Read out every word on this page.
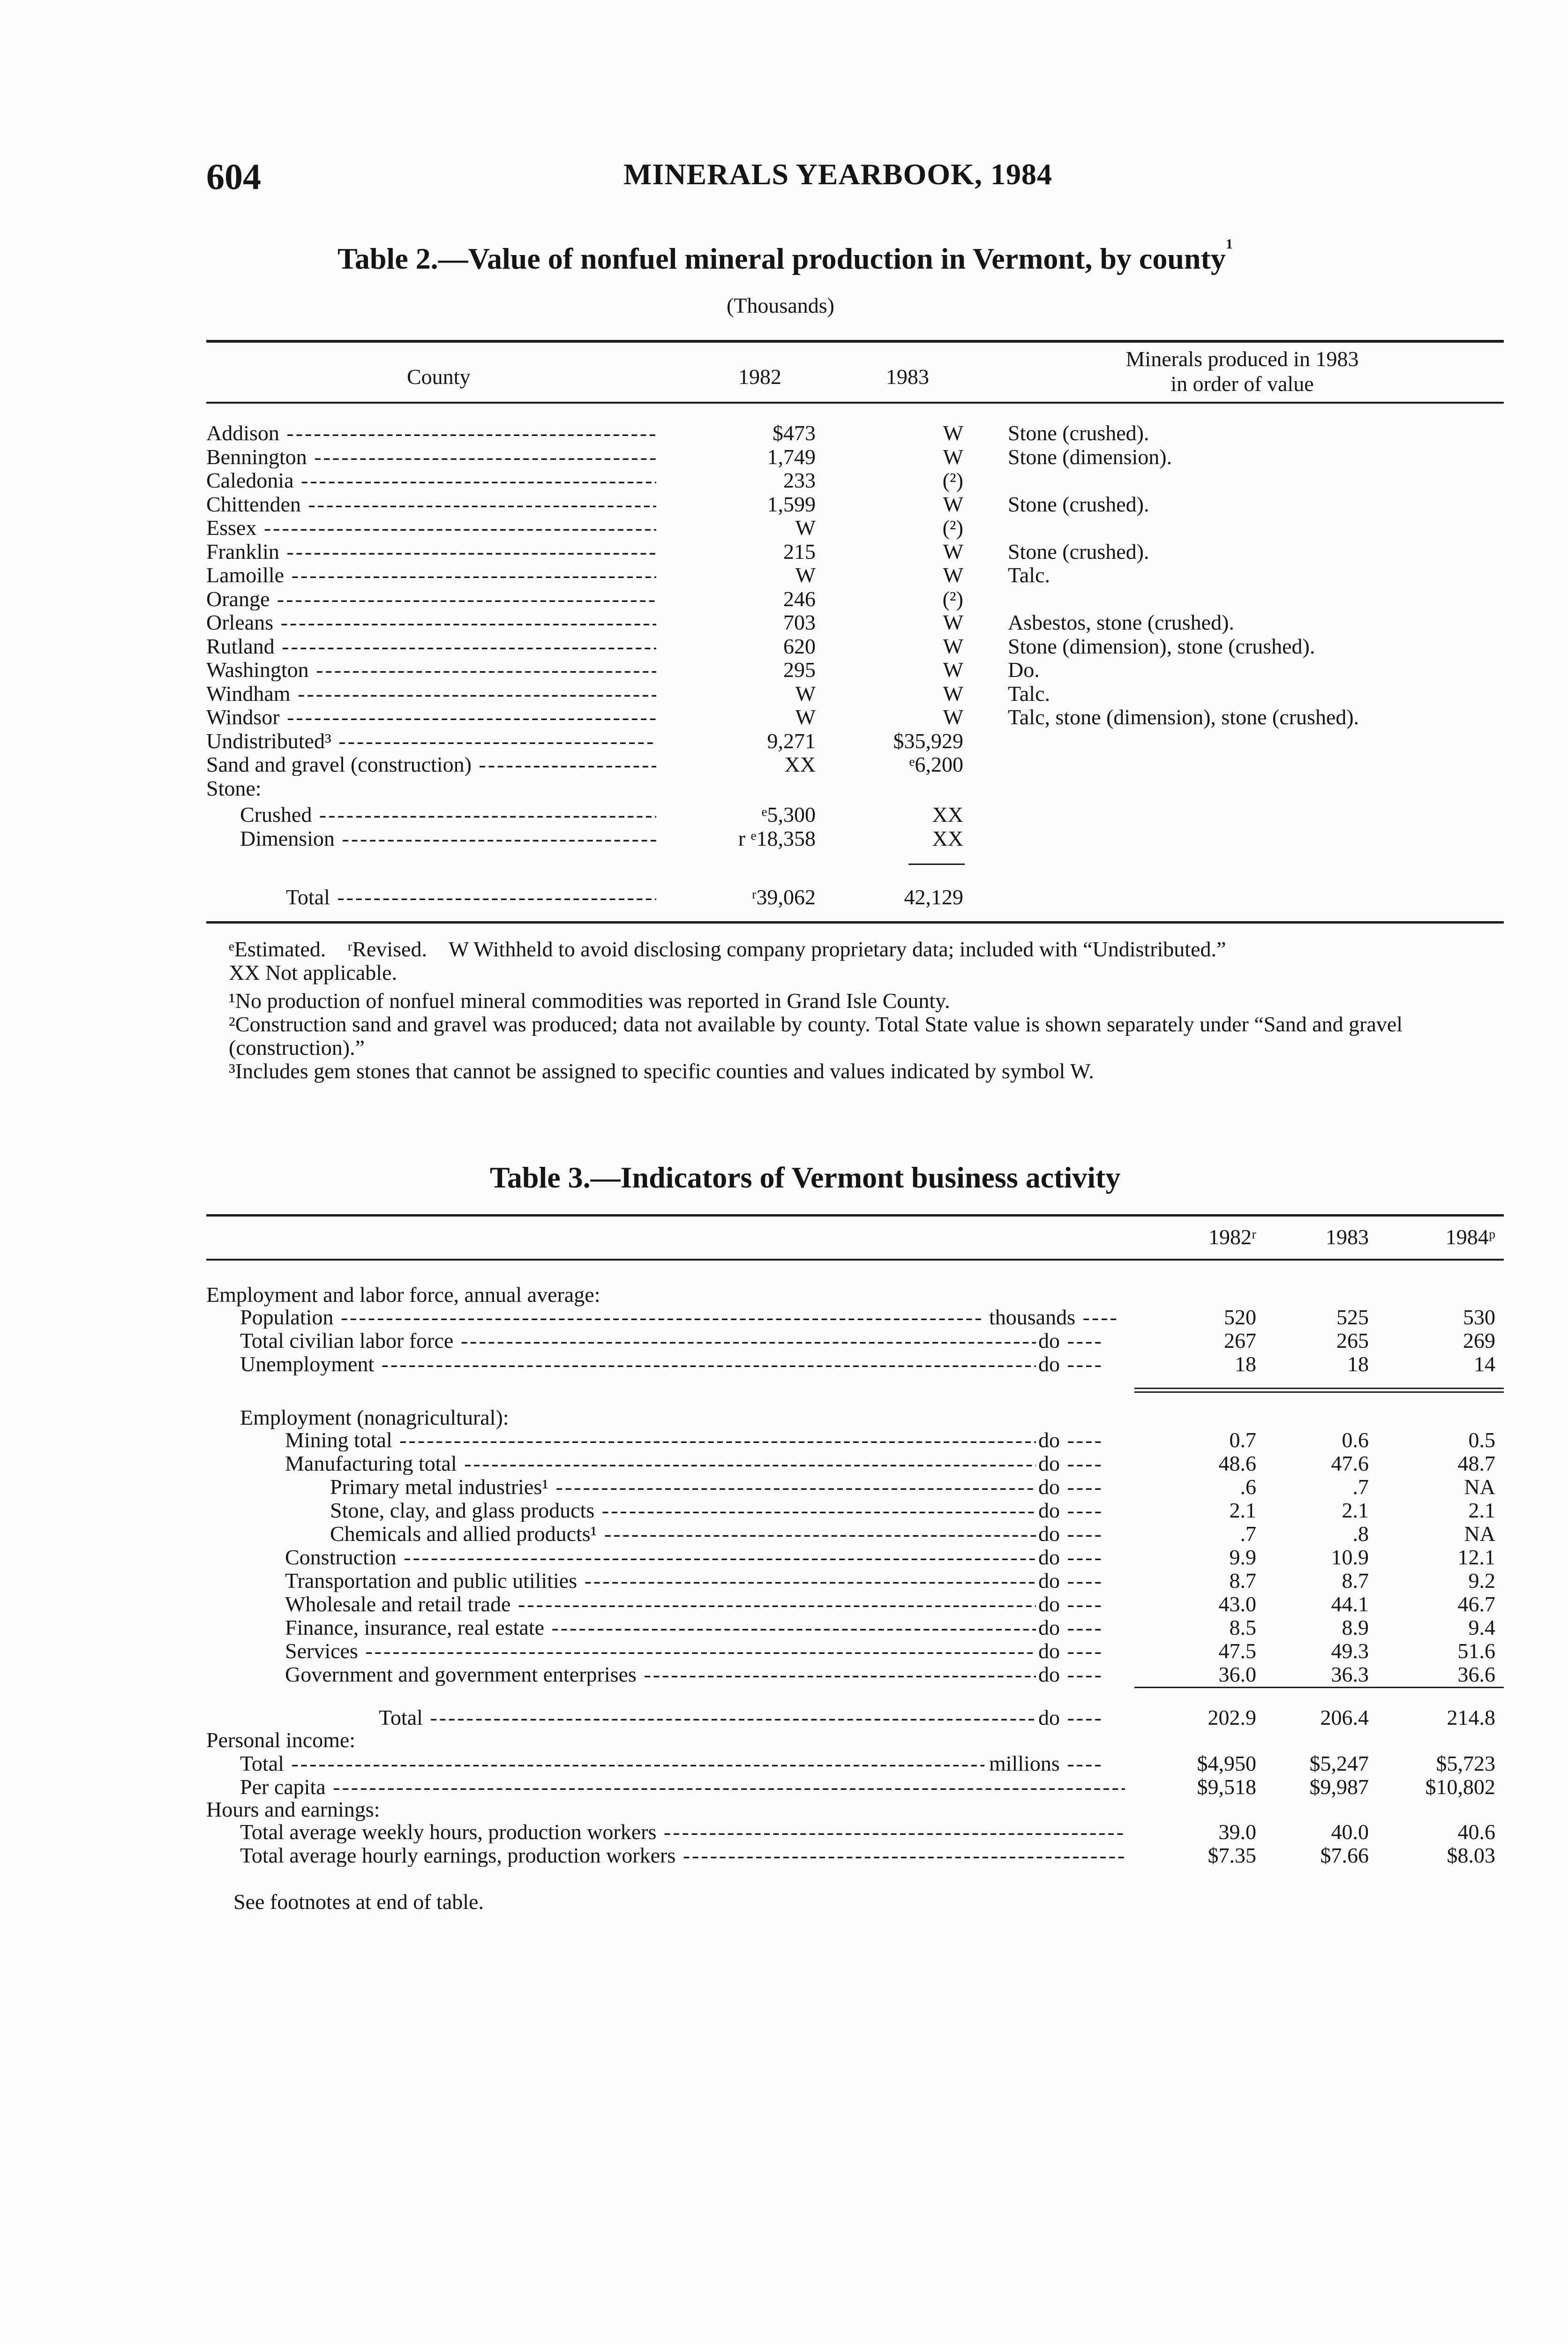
604	MINERALS YEARBOOK, 1984
Table 2.—Value of nonfuel mineral production in Vermont, by county$^1$
(Thousands)
County	1982	1983
Minerals produced in 1983
in order of value
Addison -----	$473	W Stone (crushed).
Bennington -----	1,749	W Stone (dimension).
Caledonia -----	233	(²)
Chittenden -----	1,599	W Stone (crushed).
Essex -----	W	(²)
Franklin -----	215	W Stone (crushed).
Lamoille -----	W	W Talc.
Orange -----	246	(²)
Orleans -----	703	W Asbestos, stone (crushed).
Rutland -----	620	W Stone (dimension), stone (crushed).
Washington -----	295	W Do.
Windham -----	W	W Talc.
Windsor -----	W	W Talc, stone (dimension), stone (crushed).
Undistributed³ -----	9,271	$35,929
Sand and gravel (construction) -----	XX	ᵉ6,200
Stone:
Crushed -----	ᵉ5,300	XX
Dimension -----	r ᵉ18,358	XX
Total -----	ʳ39,062	42,129
ᵉEstimated. ʳRevised. W Withheld to avoid disclosing company proprietary data; included with “Undistributed.”
XX Not applicable.
¹No production of nonfuel mineral commodities was reported in Grand Isle County.
²Construction sand and gravel was produced; data not available by county. Total State value is shown separately under “Sand and gravel (construction).”
³Includes gem stones that cannot be assigned to specific counties and values indicated by symbol W.
Table 3.—Indicators of Vermont business activity
1982ʳ	1983	1984ᵖ
Employment and labor force, annual average:
Population -----	thousands ----	520	525	530
Total civilian labor force -----	do ----	267	265	269
Unemployment -----	do ----	18	18	14
Employment (nonagricultural):
Mining total -----	do ----	0.7	0.6	0.5
Manufacturing total -----	do ----	48.6	47.6	48.7
Primary metal industries¹ -----	do ----	.6	.7	NA
Stone, clay, and glass products -----	do ----	2.1	2.1	2.1
Chemicals and allied products¹ -----	do ----	.7	.8	NA
Construction -----	do ----	9.9	10.9	12.1
Transportation and public utilities -----	do ----	8.7	8.7	9.2
Wholesale and retail trade -----	do ----	43.0	44.1	46.7
Finance, insurance, real estate -----	do ----	8.5	8.9	9.4
Services -----	do ----	47.5	49.3	51.6
Government and government enterprises -----	do ----	36.0	36.3	36.6
Total -----	do ----	202.9	206.4	214.8
Personal income:
Total -----	millions ----	$4,950	$5,247	$5,723
Per capita -----	$9,518	$9,987	$10,802
Hours and earnings:
Total average weekly hours, production workers -----	39.0	40.0	40.6
Total average hourly earnings, production workers -----	$7.35	$7.66	$8.03
See footnotes at end of table.
